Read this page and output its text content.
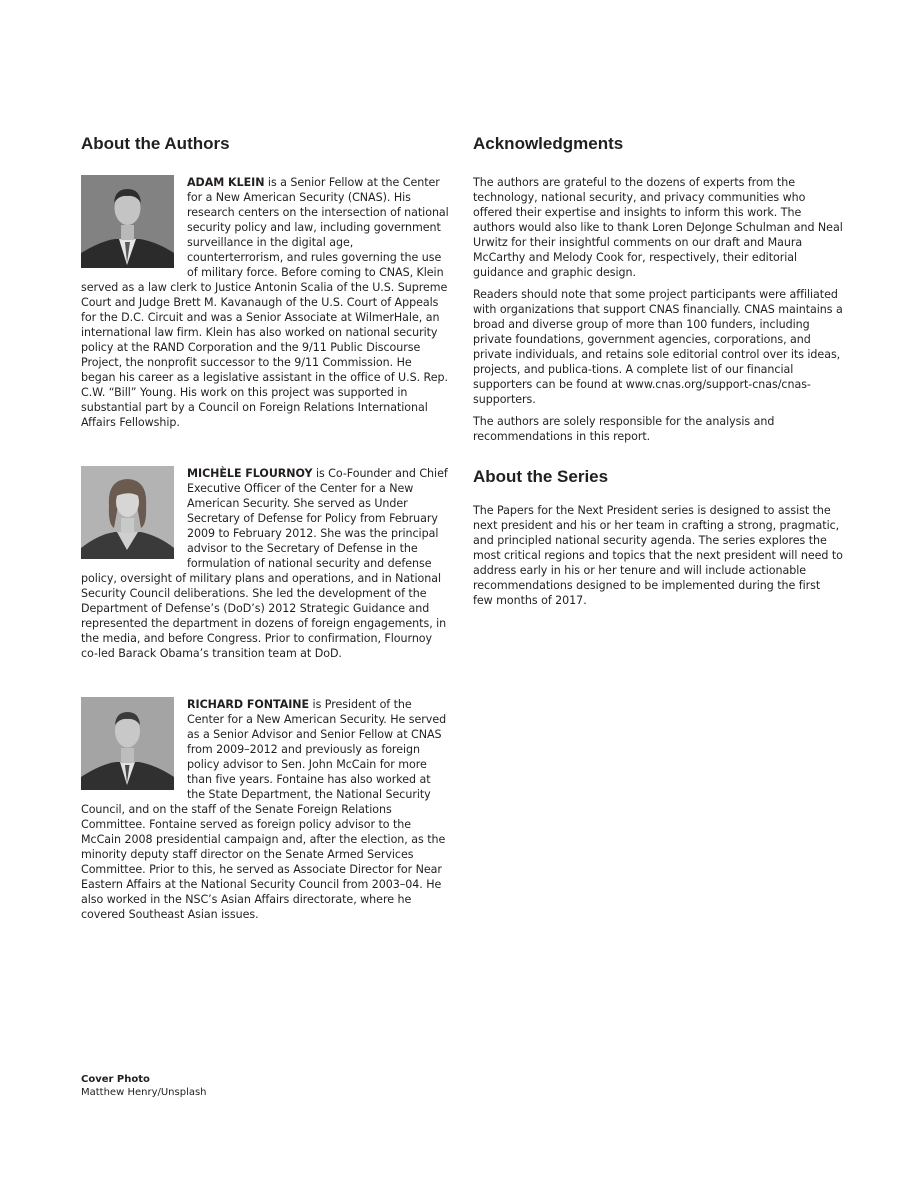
About the Authors
ADAM KLEIN is a Senior Fellow at the Center for a New American Security (CNAS). His research centers on the intersection of national security policy and law, including government surveillance in the digital age, counterterrorism, and rules governing the use of military force. Before coming to CNAS, Klein served as a law clerk to Justice Antonin Scalia of the U.S. Supreme Court and Judge Brett M. Kavanaugh of the U.S. Court of Appeals for the D.C. Circuit and was a Senior Associate at WilmerHale, an international law firm. Klein has also worked on national security policy at the RAND Corporation and the 9/11 Public Discourse Project, the nonprofit successor to the 9/11 Commission. He began his career as a legislative assistant in the office of U.S. Rep. C.W. “Bill” Young. His work on this project was supported in substantial part by a Council on Foreign Relations International Affairs Fellowship.
MICHÈLE FLOURNOY is Co-Founder and Chief Executive Officer of the Center for a New American Security. She served as Under Secretary of Defense for Policy from February 2009 to February 2012. She was the principal advisor to the Secretary of Defense in the formulation of national security and defense policy, oversight of military plans and operations, and in National Security Council deliberations. She led the development of the Department of Defense’s (DoD’s) 2012 Strategic Guidance and represented the department in dozens of foreign engagements, in the media, and before Congress. Prior to confirmation, Flournoy co-led Barack Obama’s transition team at DoD.
RICHARD FONTAINE is President of the Center for a New American Security. He served as a Senior Advisor and Senior Fellow at CNAS from 2009–2012 and previously as foreign policy advisor to Sen. John McCain for more than five years. Fontaine has also worked at the State Department, the National Security Council, and on the staff of the Senate Foreign Relations Committee. Fontaine served as foreign policy advisor to the McCain 2008 presidential campaign and, after the election, as the minority deputy staff director on the Senate Armed Services Committee. Prior to this, he served as Associate Director for Near Eastern Affairs at the National Security Council from 2003–04. He also worked in the NSC’s Asian Affairs directorate, where he covered Southeast Asian issues.
Acknowledgments

The authors are grateful to the dozens of experts from the technology, national security, and privacy communities who offered their expertise and insights to inform this work. The authors would also like to thank Loren DeJonge Schulman and Neal Urwitz for their insightful comments on our draft and Maura McCarthy and Melody Cook for, respectively, their editorial guidance and graphic design.

Readers should note that some project participants were affiliated with organizations that support CNAS financially. CNAS maintains a broad and diverse group of more than 100 funders, including private foundations, government agencies, corporations, and private individuals, and retains sole editorial control over its ideas, projects, and publica-tions. A complete list of our financial supporters can be found at www.cnas.org/support-cnas/cnas-supporters.

The authors are solely responsible for the analysis and recommendations in this report.

About the Series

The Papers for the Next President series is designed to assist the next president and his or her team in crafting a strong, pragmatic, and principled national security agenda. The series explores the most critical regions and topics that the next president will need to address early in his or her tenure and will include actionable recommendations designed to be implemented during the first few months of 2017.

Cover Photo
Matthew Henry/Unsplash
